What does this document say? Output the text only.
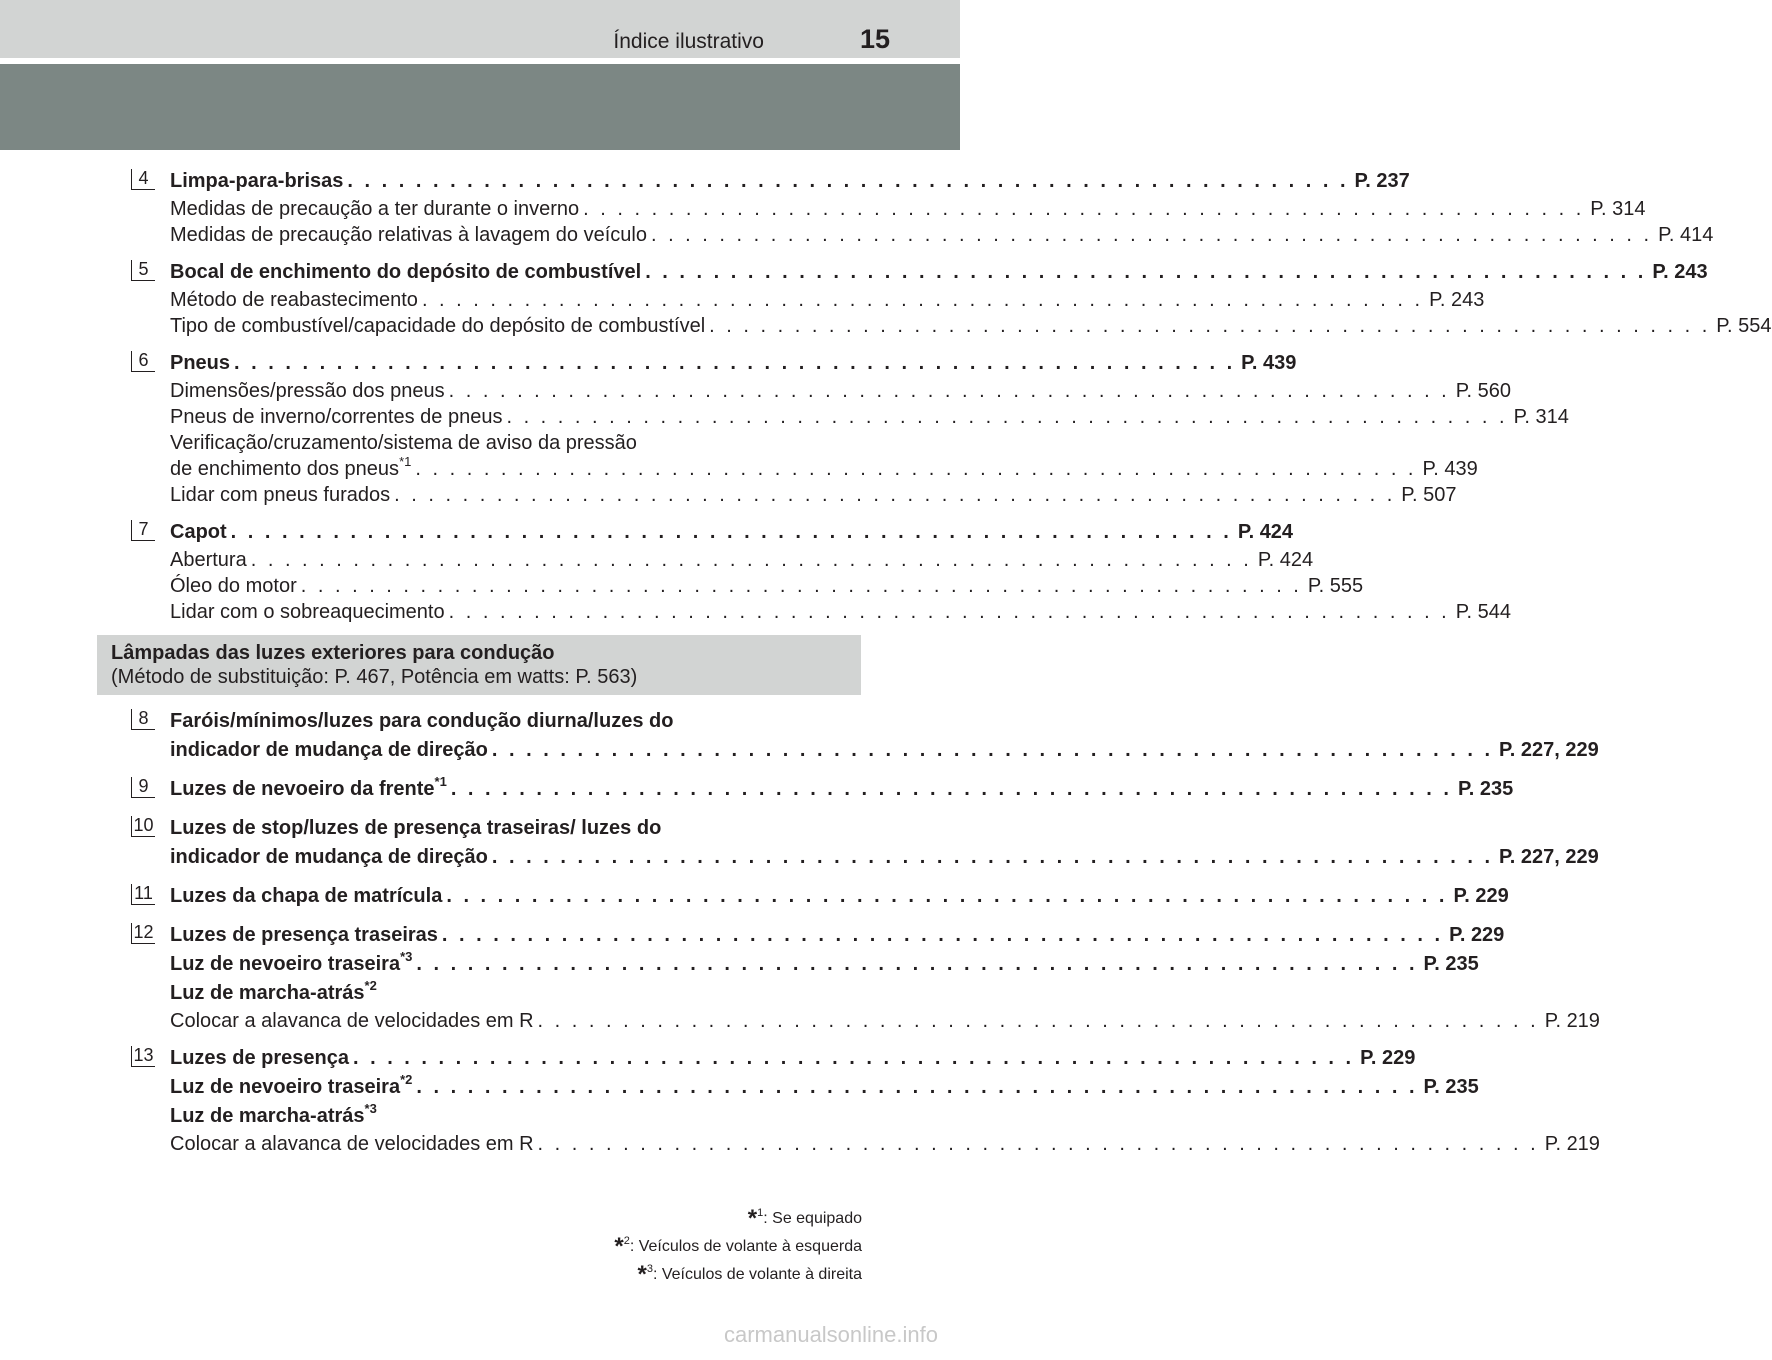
Índice ilustrativo	15
4	Limpa-para-brisas . . . . . . . . . . . . . . . . . . . . . . . . . . . . . . . . . . . . . . . . . . . . . . . . . . . . . . . . . . . P. 237
Medidas de precaução a ter durante o inverno . . . . . . . . . . . . . . . . . . . . . . . . . . . . . . . . . . . . . . . . . . . . . . . . . . . . . . . . . . . P. 314
Medidas de precaução relativas à lavagem do veículo . . . . . . . . . . . . . . . . . . . . . . . . . . . . . . . . . . . . . . . . . . . . . . . . . . . . . . . . . . . P. 414
5	Bocal de enchimento do depósito de combustível . . . . . . . . . . . . . . . . . . . . . . . . . . . . . . . . . . . . . . . . . . . . . . . . . . . . . . . . . . . P. 243
Método de reabastecimento . . . . . . . . . . . . . . . . . . . . . . . . . . . . . . . . . . . . . . . . . . . . . . . . . . . . . . . . . . . P. 243
Tipo de combustível/capacidade do depósito de combustível . . . . . . . . . . . . . . . . . . . . . . . . . . . . . . . . . . . . . . . . . . . . . . . . . . . . . . . . . . . P. 554
6	Pneus . . . . . . . . . . . . . . . . . . . . . . . . . . . . . . . . . . . . . . . . . . . . . . . . . . . . . . . . . . . P. 439
Dimensões/pressão dos pneus . . . . . . . . . . . . . . . . . . . . . . . . . . . . . . . . . . . . . . . . . . . . . . . . . . . . . . . . . . . P. 560
Pneus de inverno/correntes de pneus . . . . . . . . . . . . . . . . . . . . . . . . . . . . . . . . . . . . . . . . . . . . . . . . . . . . . . . . . . . P. 314
Verificação/cruzamento/sistema de aviso da pressão
de enchimento dos pneus$^{*1}$ . . . . . . . . . . . . . . . . . . . . . . . . . . . . . . . . . . . . . . . . . . . . . . . . . . . . . . . . . . . P. 439
Lidar com pneus furados . . . . . . . . . . . . . . . . . . . . . . . . . . . . . . . . . . . . . . . . . . . . . . . . . . . . . . . . . . . P. 507
7	Capot . . . . . . . . . . . . . . . . . . . . . . . . . . . . . . . . . . . . . . . . . . . . . . . . . . . . . . . . . . . P. 424
Abertura . . . . . . . . . . . . . . . . . . . . . . . . . . . . . . . . . . . . . . . . . . . . . . . . . . . . . . . . . . . P. 424
Óleo do motor . . . . . . . . . . . . . . . . . . . . . . . . . . . . . . . . . . . . . . . . . . . . . . . . . . . . . . . . . . . P. 555
Lidar com o sobreaquecimento . . . . . . . . . . . . . . . . . . . . . . . . . . . . . . . . . . . . . . . . . . . . . . . . . . . . . . . . . . . P. 544
Lâmpadas das luzes exteriores para condução
(Método de substituição: P. 467, Potência em watts: P. 563)
8	Faróis/mínimos/luzes para condução diurna/luzes do
indicador de mudança de direção . . . . . . . . . . . . . . . . . . . . . . . . . . . . . . . . . . . . . . . . . . . . . . . . . . . . . . . . . . . P. 227, 229
9	Luzes de nevoeiro da frente$^{*1}$ . . . . . . . . . . . . . . . . . . . . . . . . . . . . . . . . . . . . . . . . . . . . . . . . . . . . . . . . . . . P. 235
10 Luzes de stop/luzes de presença traseiras/ luzes do
indicador de mudança de direção . . . . . . . . . . . . . . . . . . . . . . . . . . . . . . . . . . . . . . . . . . . . . . . . . . . . . . . . . . . P. 227, 229
11 Luzes da chapa de matrícula . . . . . . . . . . . . . . . . . . . . . . . . . . . . . . . . . . . . . . . . . . . . . . . . . . . . . . . . . . . P. 229
12 Luzes de presença traseiras . . . . . . . . . . . . . . . . . . . . . . . . . . . . . . . . . . . . . . . . . . . . . . . . . . . . . . . . . . . P. 229
Luz de nevoeiro traseira$^{*3}$ . . . . . . . . . . . . . . . . . . . . . . . . . . . . . . . . . . . . . . . . . . . . . . . . . . . . . . . . . . . P. 235
Luz de marcha-atrás$^{*2}$
Colocar a alavanca de velocidades em R . . . . . . . . . . . . . . . . . . . . . . . . . . . . . . . . . . . . . . . . . . . . . . . . . . . . . . . . . . . P. 219
13 Luzes de presença . . . . . . . . . . . . . . . . . . . . . . . . . . . . . . . . . . . . . . . . . . . . . . . . . . . . . . . . . . . P. 229
Luz de nevoeiro traseira$^{*2}$ . . . . . . . . . . . . . . . . . . . . . . . . . . . . . . . . . . . . . . . . . . . . . . . . . . . . . . . . . . . P. 235
Luz de marcha-atrás$^{*3}$
Colocar a alavanca de velocidades em R . . . . . . . . . . . . . . . . . . . . . . . . . . . . . . . . . . . . . . . . . . . . . . . . . . . . . . . . . . . P. 219
*$^1$: Se equipado
*$^2$: Veículos de volante à esquerda
*$^3$: Veículos de volante à direita
carmanualsonline.info
